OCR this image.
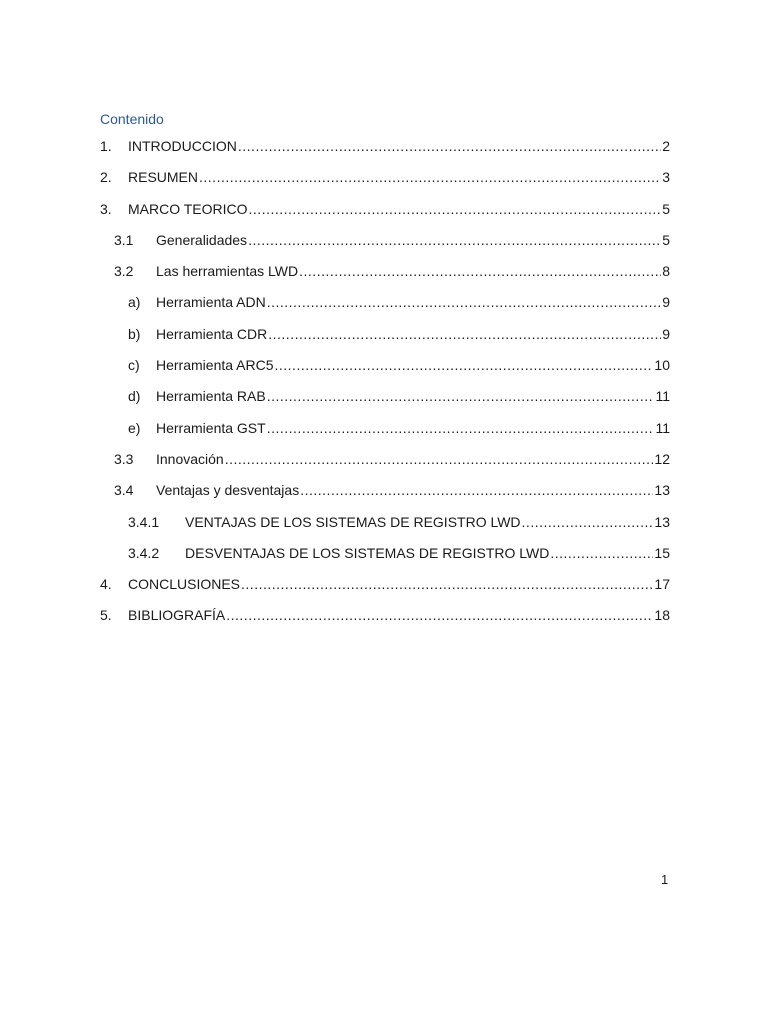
Contenido
1.	INTRODUCCION .....	2
2.	RESUMEN .....	3
3.	MARCO TEORICO .....	5
3.1	Generalidades .....	5
3.2	Las herramientas LWD .....	8
a)	Herramienta ADN .....	9
b)	Herramienta CDR .....	9
c)	Herramienta ARC5 .....	10
d)	Herramienta RAB .....	11
e)	Herramienta GST .....	11
3.3	Innovación .....	12
3.4	Ventajas y desventajas .....	13
3.4.1	VENTAJAS DE LOS SISTEMAS DE REGISTRO LWD .....	13
3.4.2	DESVENTAJAS DE LOS SISTEMAS DE REGISTRO LWD .....	15
4.	CONCLUSIONES .....	17
5.	BIBLIOGRAFÍA .....	18
1
